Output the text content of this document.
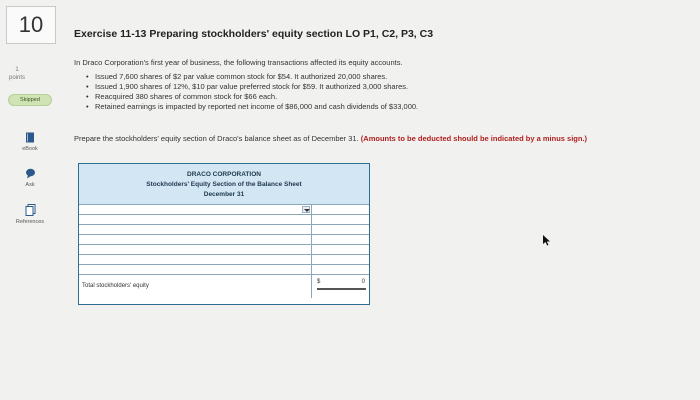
10
1
points
Skipped
eBook
Ask
References
Exercise 11-13 Preparing stockholders' equity section LO P1, C2, P3, C3
In Draco Corporation's first year of business, the following transactions affected its equity accounts.
• Issued 7,600 shares of $2 par value common stock for $54. It authorized 20,000 shares.
• Issued 1,900 shares of 12%, $10 par value preferred stock for $59. It authorized 3,000 shares.
• Reacquired 380 shares of common stock for $66 each.
• Retained earnings is impacted by reported net income of $86,000 and cash dividends of $33,000.
Prepare the stockholders' equity section of Draco's balance sheet as of December 31. (Amounts to be deducted should be indicated by a minus sign.)
DRACO CORPORATION
Stockholders' Equity Section of the Balance Sheet
December 31
Total stockholders' equity
$	0
